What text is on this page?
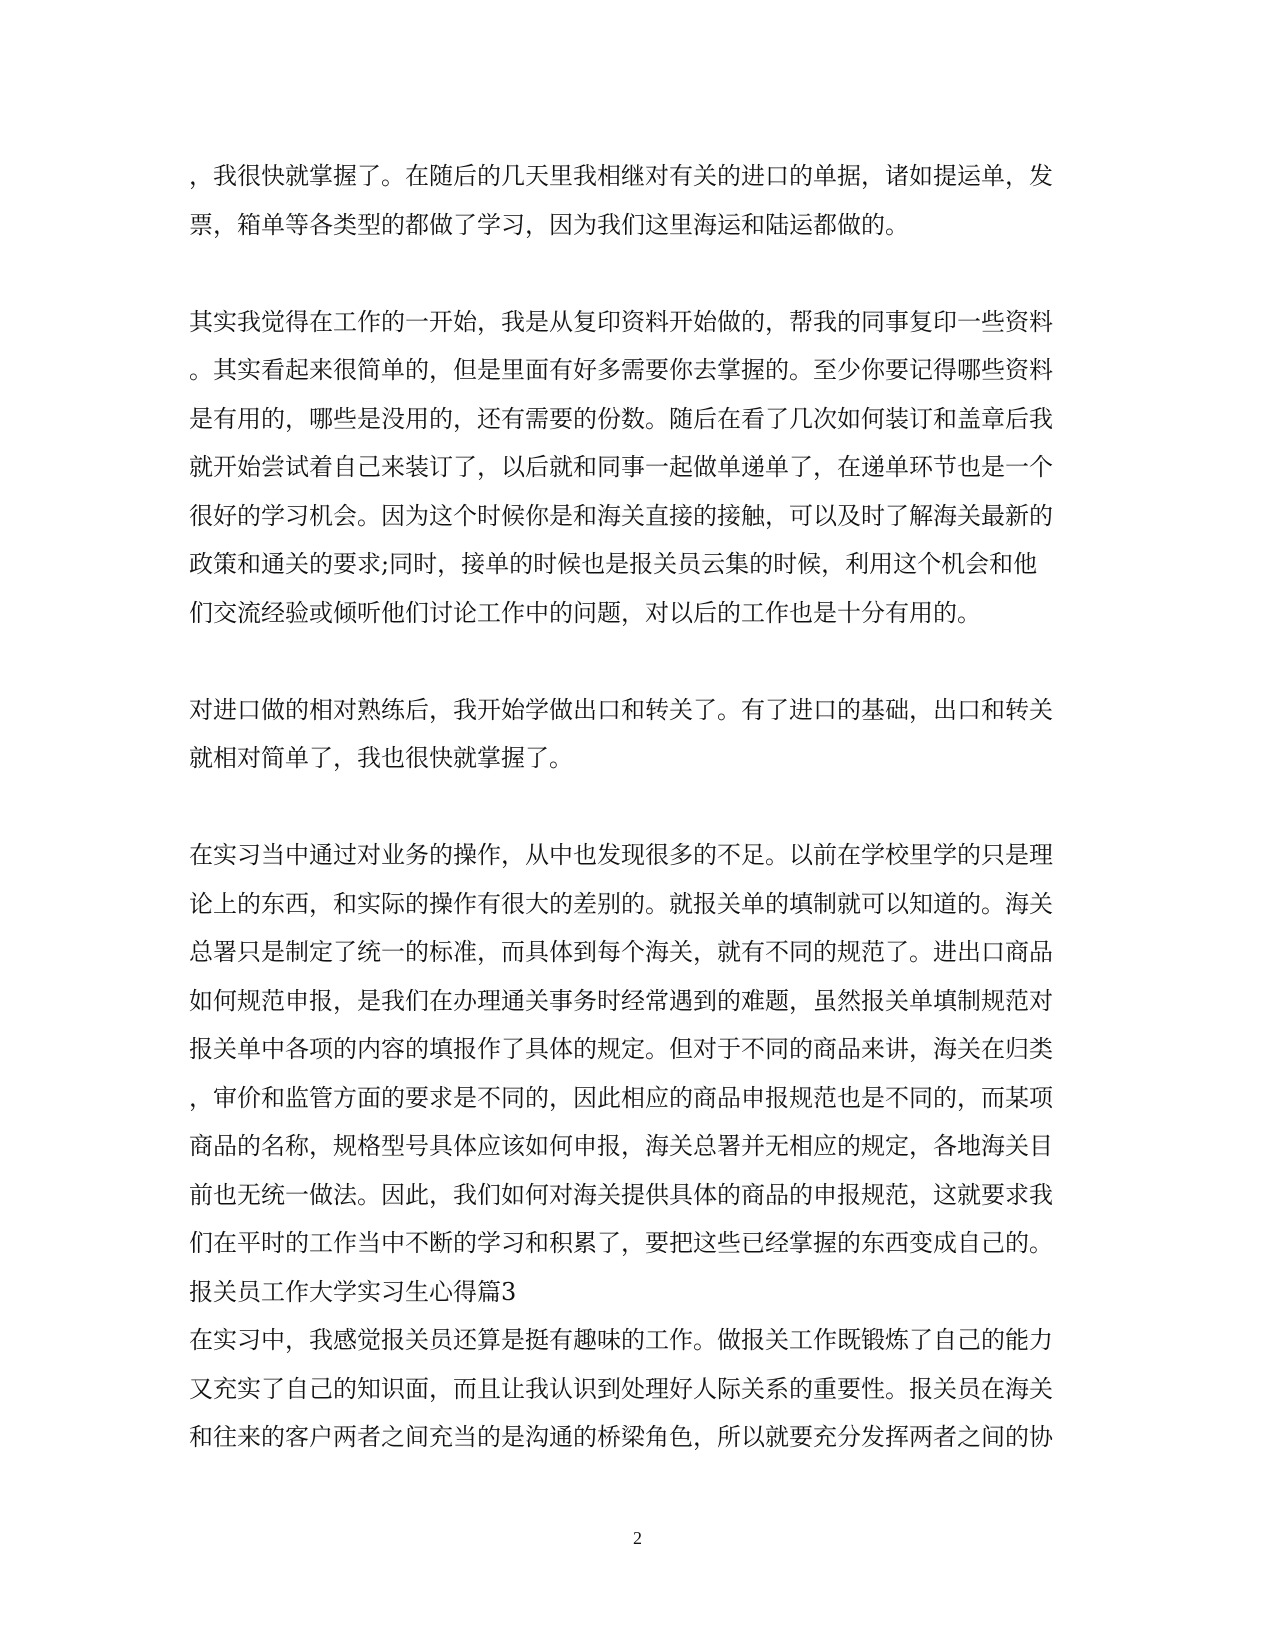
，我很快就掌握了。在随后的几天里我相继对有关的进口的单据，诸如提运单，发
票，箱单等各类型的都做了学习，因为我们这里海运和陆运都做的。
其实我觉得在工作的一开始，我是从复印资料开始做的，帮我的同事复印一些资料
。其实看起来很简单的，但是里面有好多需要你去掌握的。至少你要记得哪些资料
是有用的，哪些是没用的，还有需要的份数。随后在看了几次如何装订和盖章后我
就开始尝试着自己来装订了，以后就和同事一起做单递单了，在递单环节也是一个
很好的学习机会。因为这个时候你是和海关直接的接触，可以及时了解海关最新的
政策和通关的要求;同时，接单的时候也是报关员云集的时候，利用这个机会和他
们交流经验或倾听他们讨论工作中的问题，对以后的工作也是十分有用的。
对进口做的相对熟练后，我开始学做出口和转关了。有了进口的基础，出口和转关
就相对简单了，我也很快就掌握了。
在实习当中通过对业务的操作，从中也发现很多的不足。以前在学校里学的只是理
论上的东西，和实际的操作有很大的差别的。就报关单的填制就可以知道的。海关
总署只是制定了统一的标准，而具体到每个海关，就有不同的规范了。进出口商品
如何规范申报，是我们在办理通关事务时经常遇到的难题，虽然报关单填制规范对
报关单中各项的内容的填报作了具体的规定。但对于不同的商品来讲，海关在归类
，审价和监管方面的要求是不同的，因此相应的商品申报规范也是不同的，而某项
商品的名称，规格型号具体应该如何申报，海关总署并无相应的规定，各地海关目
前也无统一做法。因此，我们如何对海关提供具体的商品的申报规范，这就要求我
们在平时的工作当中不断的学习和积累了，要把这些已经掌握的东西变成自己的。
报关员工作大学实习生心得篇3
在实习中，我感觉报关员还算是挺有趣味的工作。做报关工作既锻炼了自己的能力
又充实了自己的知识面，而且让我认识到处理好人际关系的重要性。报关员在海关
和往来的客户两者之间充当的是沟通的桥梁角色，所以就要充分发挥两者之间的协
2
